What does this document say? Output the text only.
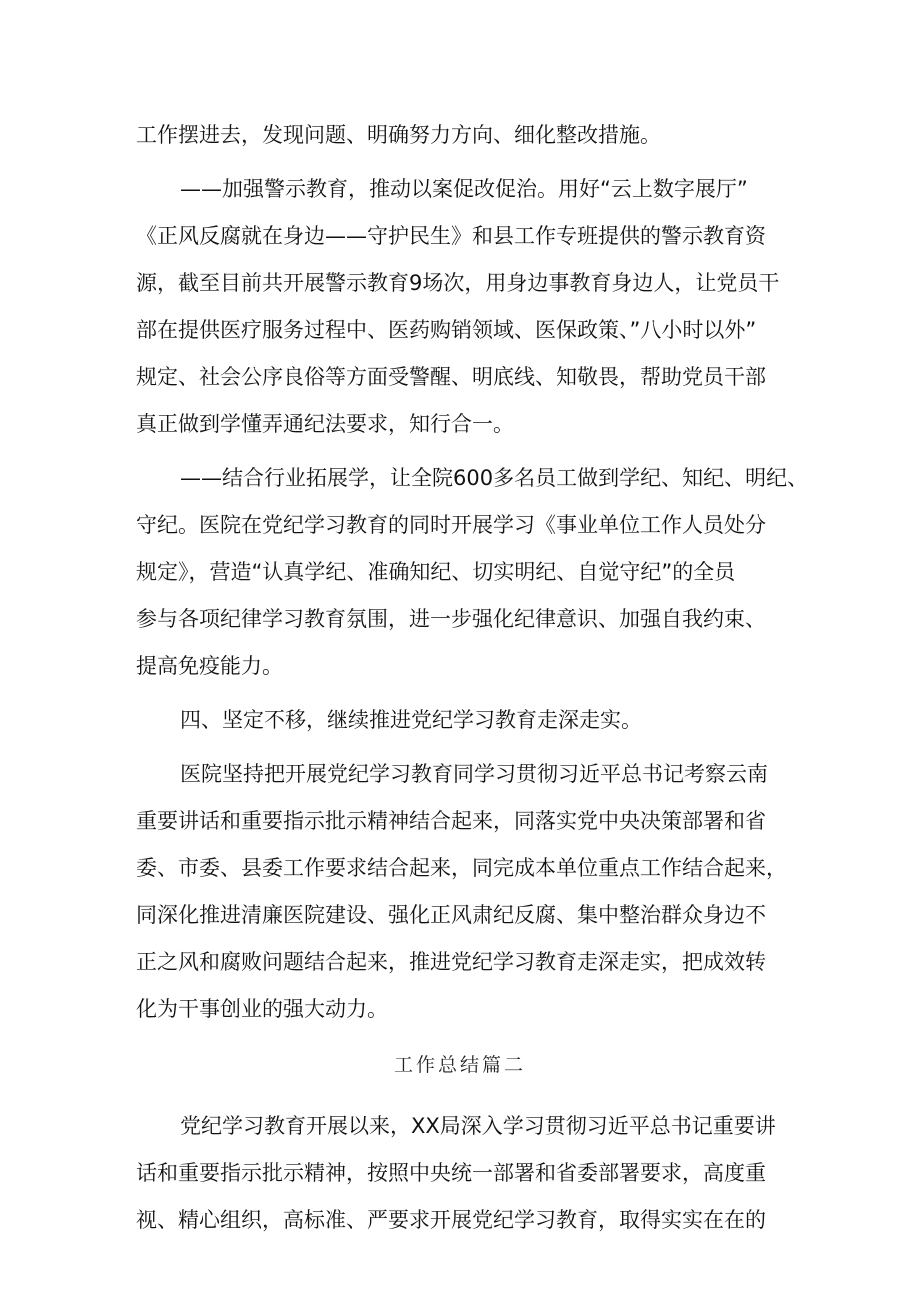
工作摆进去，发现问题、明确努力方向、细化整改措施。
——加强警示教育，推动以案促改促治。用好“云上数字展厅”
《正风反腐就在身边——守护民生》和县工作专班提供的警示教育资
源，截至目前共开展警示教育9场次，用身边事教育身边人，让党员干
部在提供医疗服务过程中、医药购销领域、医保政策、”八小时以外”
规定、社会公序良俗等方面受警醒、明底线、知敬畏，帮助党员干部
真正做到学懂弄通纪法要求，知行合一。
——结合行业拓展学，让全院600多名员工做到学纪、知纪、明纪、
守纪。医院在党纪学习教育的同时开展学习《事业单位工作人员处分
规定》，营造“认真学纪、准确知纪、切实明纪、自觉守纪”的全员
参与各项纪律学习教育氛围，进一步强化纪律意识、加强自我约束、
提高免疫能力。
四、坚定不移，继续推进党纪学习教育走深走实。
医院坚持把开展党纪学习教育同学习贯彻习近平总书记考察云南
重要讲话和重要指示批示精神结合起来，同落实党中央决策部署和省
委、市委、县委工作要求结合起来，同完成本单位重点工作结合起来，
同深化推进清廉医院建设、强化正风肃纪反腐、集中整治群众身边不
正之风和腐败问题结合起来，推进党纪学习教育走深走实，把成效转
化为干事创业的强大动力。
工作总结篇二
党纪学习教育开展以来，XX局深入学习贯彻习近平总书记重要讲
话和重要指示批示精神，按照中央统一部署和省委部署要求，高度重
视、精心组织，高标准、严要求开展党纪学习教育，取得实实在在的
